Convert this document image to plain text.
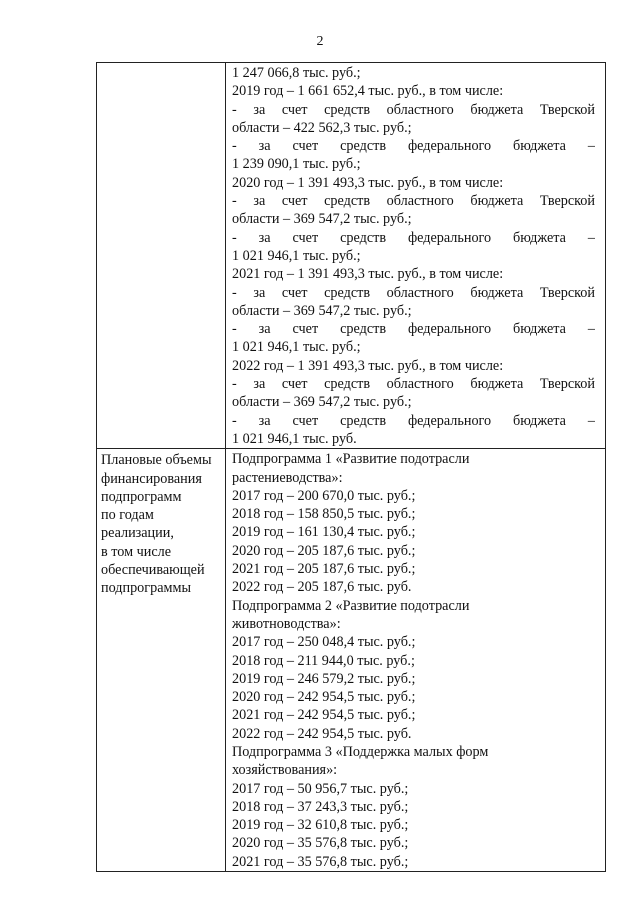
2
1 247 066,8 тыс. руб.;
2019 год – 1 661 652,4 тыс. руб., в том числе:
- за счет средств областного бюджета Тверской
области – 422 562,3 тыс. руб.;
- за счет средств федерального бюджета –
1 239 090,1 тыс. руб.;
2020 год – 1 391 493,3 тыс. руб., в том числе:
- за счет средств областного бюджета Тверской
области – 369 547,2 тыс. руб.;
- за счет средств федерального бюджета –
1 021 946,1 тыс. руб.;
2021 год – 1 391 493,3 тыс. руб., в том числе:
- за счет средств областного бюджета Тверской
области – 369 547,2 тыс. руб.;
- за счет средств федерального бюджета –
1 021 946,1 тыс. руб.;
2022 год – 1 391 493,3 тыс. руб., в том числе:
- за счет средств областного бюджета Тверской
области – 369 547,2 тыс. руб.;
- за счет средств федерального бюджета –
1 021 946,1 тыс. руб.
Плановые объемы
финансирования
подпрограмм
по годам
реализации,
в том числе
обеспечивающей
подпрограммы
Подпрограмма 1 «Развитие подотрасли
растениеводства»:
2017 год – 200 670,0 тыс. руб.;
2018 год – 158 850,5 тыс. руб.;
2019 год – 161 130,4 тыс. руб.;
2020 год – 205 187,6 тыс. руб.;
2021 год – 205 187,6 тыс. руб.;
2022 год – 205 187,6 тыс. руб.
Подпрограмма 2 «Развитие подотрасли
животноводства»:
2017 год – 250 048,4 тыс. руб.;
2018 год – 211 944,0 тыс. руб.;
2019 год – 246 579,2 тыс. руб.;
2020 год – 242 954,5 тыс. руб.;
2021 год – 242 954,5 тыс. руб.;
2022 год – 242 954,5 тыс. руб.
Подпрограмма 3 «Поддержка малых форм
хозяйствования»:
2017 год – 50 956,7 тыс. руб.;
2018 год – 37 243,3 тыс. руб.;
2019 год – 32 610,8 тыс. руб.;
2020 год – 35 576,8 тыс. руб.;
2021 год – 35 576,8 тыс. руб.;
